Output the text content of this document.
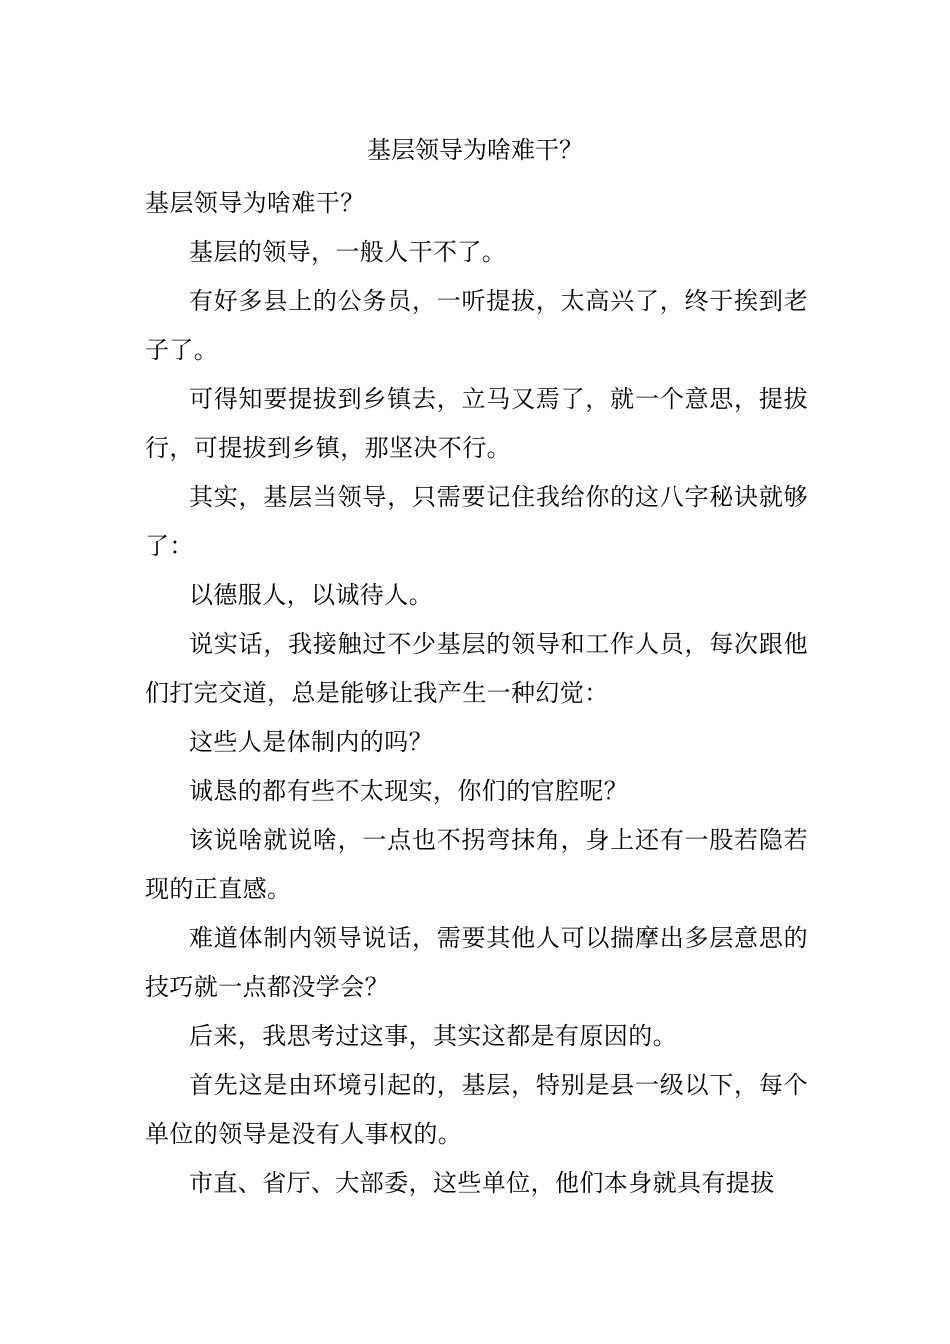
基层领导为啥难干？

基层领导为啥难干？

基层的领导，一般人干不了。

有好多县上的公务员，一听提拔，太高兴了，终于挨到老子了。

可得知要提拔到乡镇去，立马又焉了，就一个意思，提拔行，可提拔到乡镇，那坚决不行。

其实，基层当领导，只需要记住我给你的这八字秘诀就够了：

以德服人，以诚待人。

说实话，我接触过不少基层的领导和工作人员，每次跟他们打完交道，总是能够让我产生一种幻觉：

这些人是体制内的吗？

诚恳的都有些不太现实，你们的官腔呢？

该说啥就说啥，一点也不拐弯抹角，身上还有一股若隐若现的正直感。

难道体制内领导说话，需要其他人可以揣摩出多层意思的技巧就一点都没学会？

后来，我思考过这事，其实这都是有原因的。

首先这是由环境引起的，基层，特别是县一级以下，每个单位的领导是没有人事权的。

市直、省厅、大部委，这些单位，他们本身就具有提拔
